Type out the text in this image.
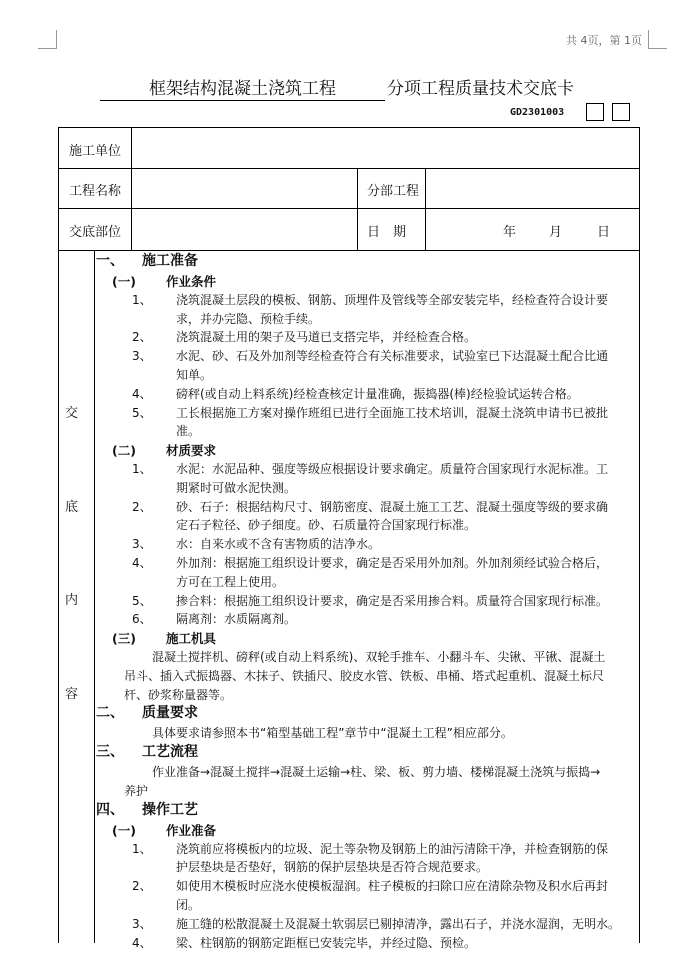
共 4页，第 1页
框架结构混凝土浇筑工程	分项工程质量技术交底卡
GD2301003
施工单位
工程名称	分部工程
交底部位	日　期	年	月	日
交
底
内
容
一、 施工准备
(一) 作业条件
1、 浇筑混凝土层段的模板、钢筋、顶埋件及管线等全部安装完毕，经检查符合设计要
求，并办完隐、预检手续。
2、 浇筑混凝土用的架子及马道已支搭完毕，并经检查合格。
3、 水泥、砂、石及外加剂等经检查符合有关标准要求，试验室已下达混凝土配合比通
知单。
4、 磅秤(或自动上料系统)经检查核定计量准确，振捣器(棒)经检验试运转合格。
5、 工长根据施工方案对操作班组已进行全面施工技术培训，混凝土浇筑申请书已被批
准。
(二) 材质要求
1、 水泥：水泥品种、强度等级应根据设计要求确定。质量符合国家现行水泥标准。工
期紧时可做水泥快测。
2、 砂、石子：根据结构尺寸、钢筋密度、混凝土施工工艺、混凝土强度等级的要求确
定石子粒径、砂子细度。砂、石质量符合国家现行标准。
3、 水：自来水或不含有害物质的洁净水。
4、 外加剂：根据施工组织设计要求，确定是否采用外加剂。外加剂须经试验合格后，
方可在工程上使用。
5、 掺合料：根据施工组织设计要求，确定是否采用掺合料。质量符合国家现行标准。
6、 隔离剂：水质隔离剂。
(三) 施工机具
混凝土搅拌机、磅秤(或自动上料系统)、双轮手推车、小翻斗车、尖锹、平锹、混凝土
吊斗、插入式振捣器、木抹子、铁插尺、胶皮水管、铁板、串桶、塔式起重机、混凝土标尺
杆、砂浆称量器等。
二、 质量要求
具体要求请参照本书“箱型基础工程”章节中“混凝土工程”相应部分。
三、 工艺流程
作业准备→混凝土搅拌→混凝土运输→柱、梁、板、剪力墙、楼梯混凝土浇筑与振捣→
养护
四、 操作工艺
(一) 作业准备
1、 浇筑前应将模板内的垃圾、泥土等杂物及钢筋上的油污清除干净，并检查钢筋的保
护层垫块是否垫好，钢筋的保护层垫块是否符合规范要求。
2、 如使用木模板时应浇水使模板湿润。柱子模板的扫除口应在清除杂物及积水后再封
闭。
3、 施工缝的松散混凝土及混凝土软弱层已剔掉清净，露出石子，并浇水湿润，无明水。
4、 梁、柱钢筋的钢筋定距框已安装完毕，并经过隐、预检。
